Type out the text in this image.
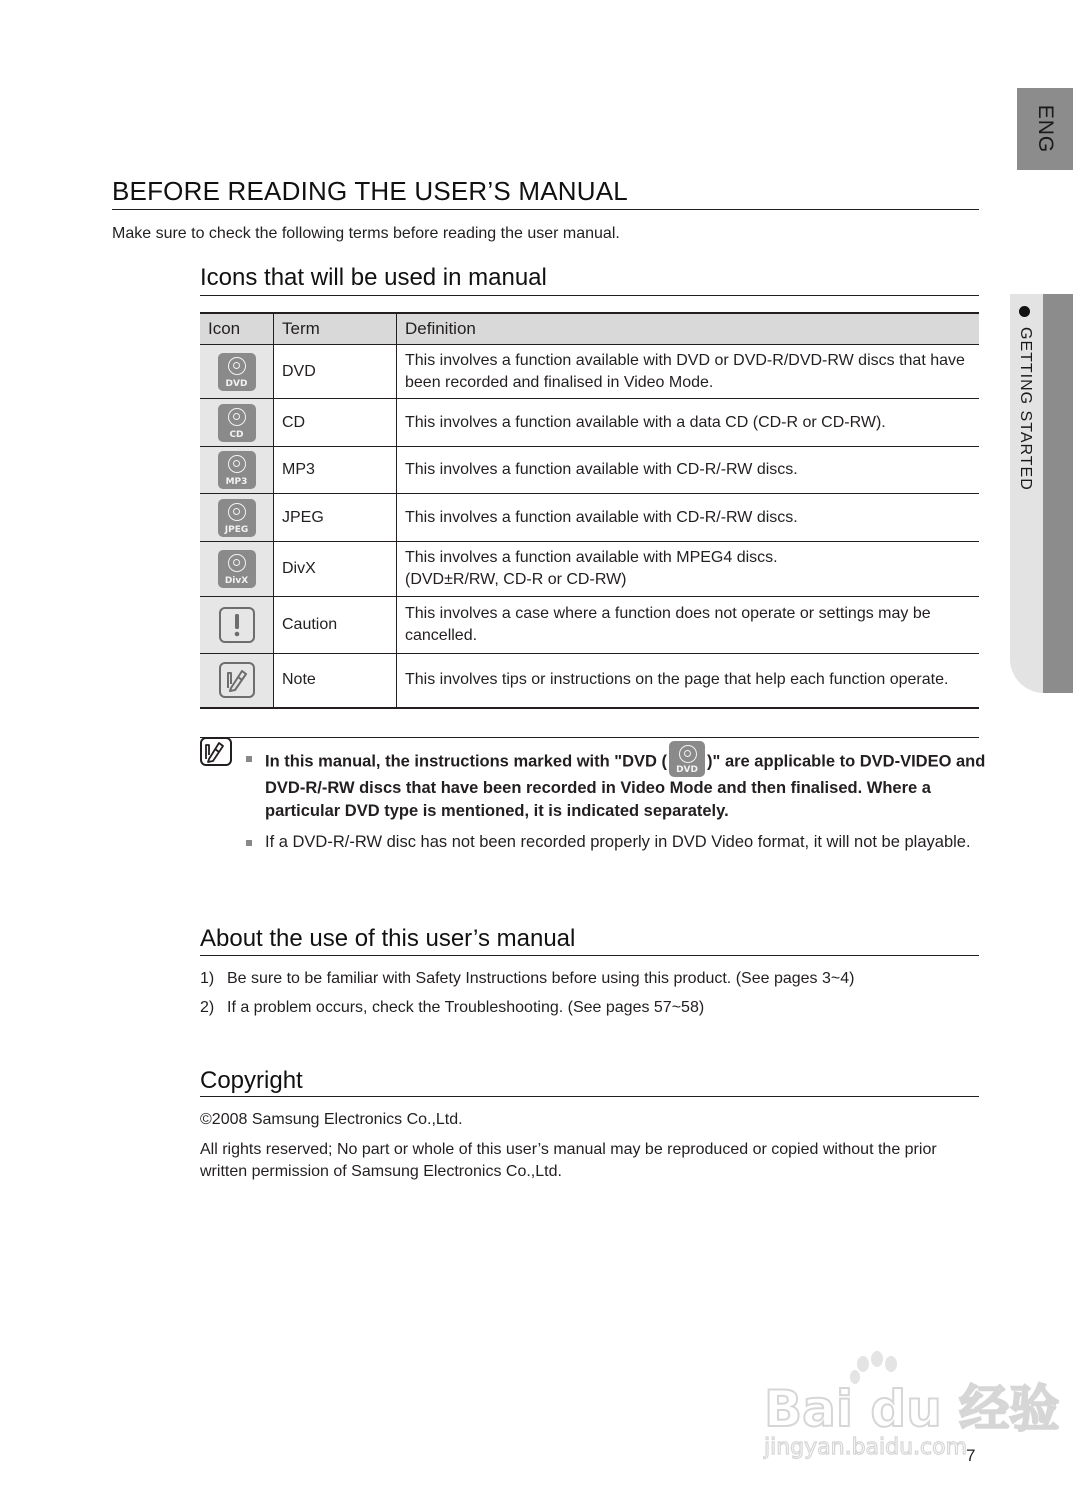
ENG
GETTING STARTED
BEFORE READING THE USER’S MANUAL

Make sure to check the following terms before reading the user manual.

Icons that will be used in manual
Icon	Term	Definition

DVD	DVD	This involves a function available with DVD or DVD-R/DVD-RW discs that have been recorded and finalised in Video Mode.

CD	CD	This involves a function available with a data CD (CD-R or CD-RW).

MP3	MP3	This involves a function available with CD-R/-RW discs.

JPEG	JPEG	This involves a function available with CD-R/-RW discs.

DivX	DivX	This involves a function available with MPEG4 discs.
(DVD±R/RW, CD-R or CD-RW)

	Caution	This involves a case where a function does not operate or settings may be cancelled.

	Note	This involves tips or instructions on the page that help each function operate.
In this manual, the instructions marked with "DVD (	DVD )" are applicable to DVD-VIDEO and DVD-R/-RW discs that have been recorded in Video Mode and then finalised. Where a particular DVD type is mentioned, it is indicated separately.
If a DVD-R/-RW disc has not been recorded properly in DVD Video format, it will not be playable.
About the use of this user’s manual
1) Be sure to be familiar with Safety Instructions before using this product. (See pages 3~4)
2) If a problem occurs, check the Troubleshooting. (See pages 57~58)
Copyright

©2008 Samsung Electronics Co.,Ltd.

All rights reserved; No part or whole of this user’s manual may be reproduced or copied without the prior written permission of Samsung Electronics Co.,Ltd.

Bai du 经验
jingyan.baidu.com
7
